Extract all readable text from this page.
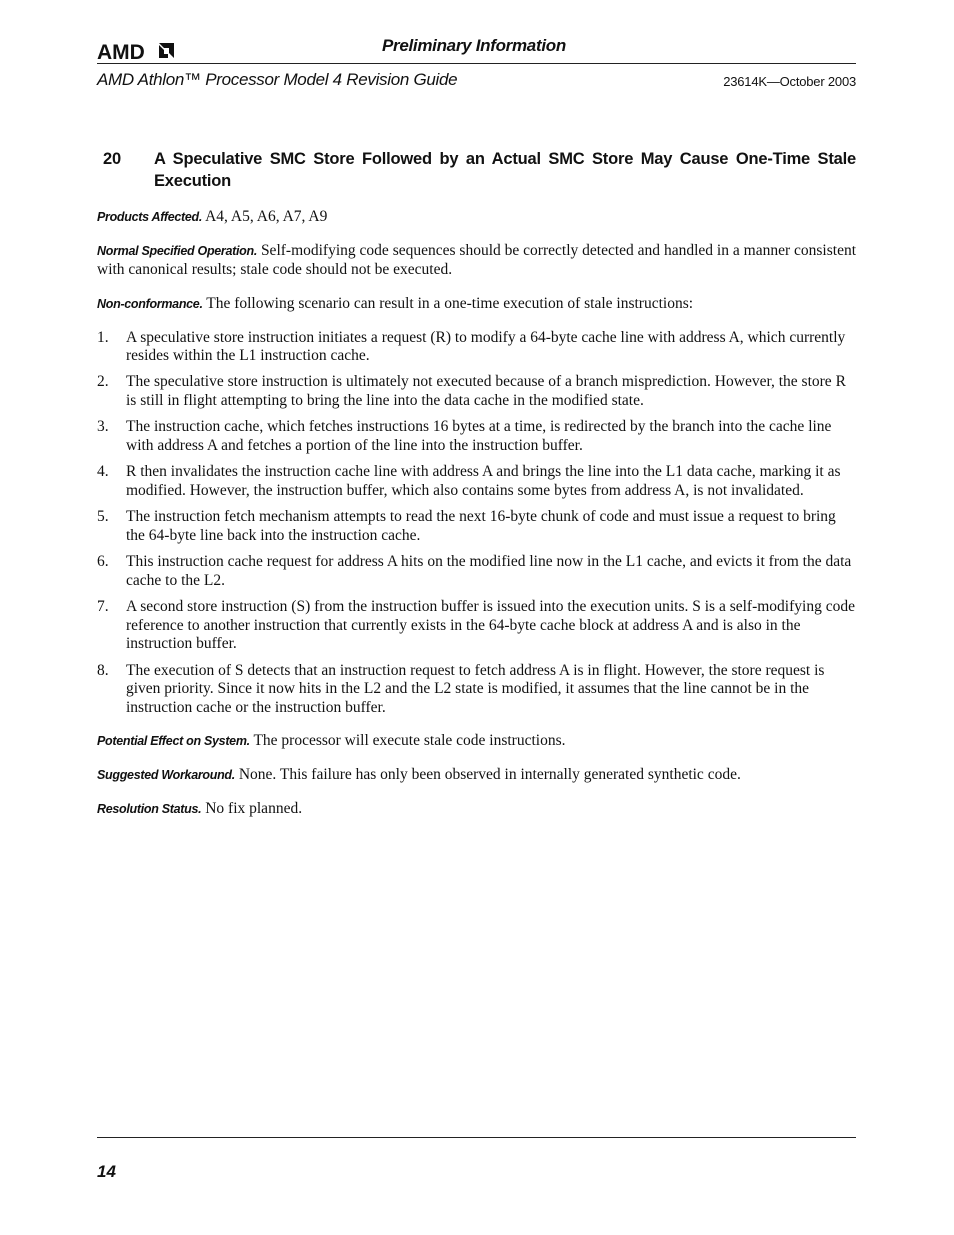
AMD	Preliminary Information
AMD Athlon™ Processor Model 4 Revision Guide	23614K—October 2003
20	A Speculative SMC Store Followed by an Actual SMC Store May Cause One-Time Stale Execution

Products Affected. A4, A5, A6, A7, A9

Normal Specified Operation. Self-modifying code sequences should be correctly detected and handled in a manner consistent with canonical results; stale code should not be executed.

Non-conformance. The following scenario can result in a one-time execution of stale instructions:

1.	A speculative store instruction initiates a request (R) to modify a 64-byte cache line with address A, which currently resides within the L1 instruction cache.
2.	The speculative store instruction is ultimately not executed because of a branch misprediction. However, the store R is still in flight attempting to bring the line into the data cache in the modified state.
3.	The instruction cache, which fetches instructions 16 bytes at a time, is redirected by the branch into the cache line with address A and fetches a portion of the line into the instruction buffer.
4.	R then invalidates the instruction cache line with address A and brings the line into the L1 data cache, marking it as modified. However, the instruction buffer, which also contains some bytes from address A, is not invalidated.
5.	The instruction fetch mechanism attempts to read the next 16-byte chunk of code and must issue a request to bring the 64-byte line back into the instruction cache.
6.	This instruction cache request for address A hits on the modified line now in the L1 cache, and evicts it from the data cache to the L2.
7.	A second store instruction (S) from the instruction buffer is issued into the execution units. S is a self-modifying code reference to another instruction that currently exists in the 64-byte cache block at address A and is also in the instruction buffer.
8.	The execution of S detects that an instruction request to fetch address A is in flight. However, the store request is given priority. Since it now hits in the L2 and the L2 state is modified, it assumes that the line cannot be in the instruction cache or the instruction buffer.

Potential Effect on System. The processor will execute stale code instructions.

Suggested Workaround. None. This failure has only been observed in internally generated synthetic code.

Resolution Status. No fix planned.

14
